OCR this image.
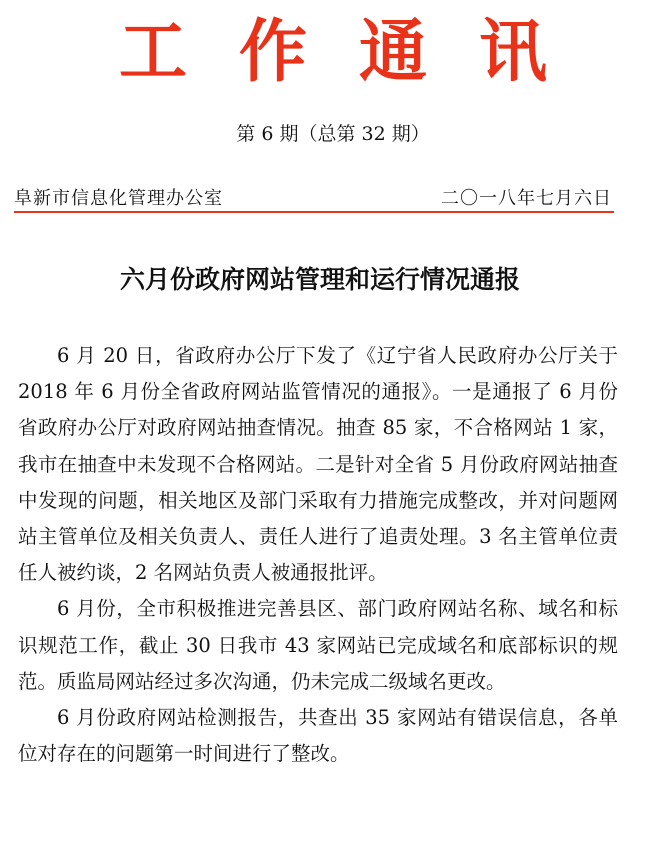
工作通讯
第 6 期（总第 32 期）
阜新市信息化管理办公室	二〇一八年七月六日
六月份政府网站管理和运行情况通报

6 月 20 日，省政府办公厅下发了《辽宁省人民政府办公厅关于 2018 年 6 月份全省政府网站监管情况的通报》。一是通报了 6 月份省政府办公厅对政府网站抽查情况。抽查 85 家，不合格网站 1 家，我市在抽查中未发现不合格网站。二是针对全省 5 月份政府网站抽查中发现的问题，相关地区及部门采取有力措施完成整改，并对问题网站主管单位及相关负责人、责任人进行了追责处理。3 名主管单位责任人被约谈，2 名网站负责人被通报批评。

6 月份，全市积极推进完善县区、部门政府网站名称、域名和标识规范工作，截止 30 日我市 43 家网站已完成域名和底部标识的规范。质监局网站经过多次沟通，仍未完成二级域名更改。

6 月份政府网站检测报告，共查出 35 家网站有错误信息，各单位对存在的问题第一时间进行了整改。
